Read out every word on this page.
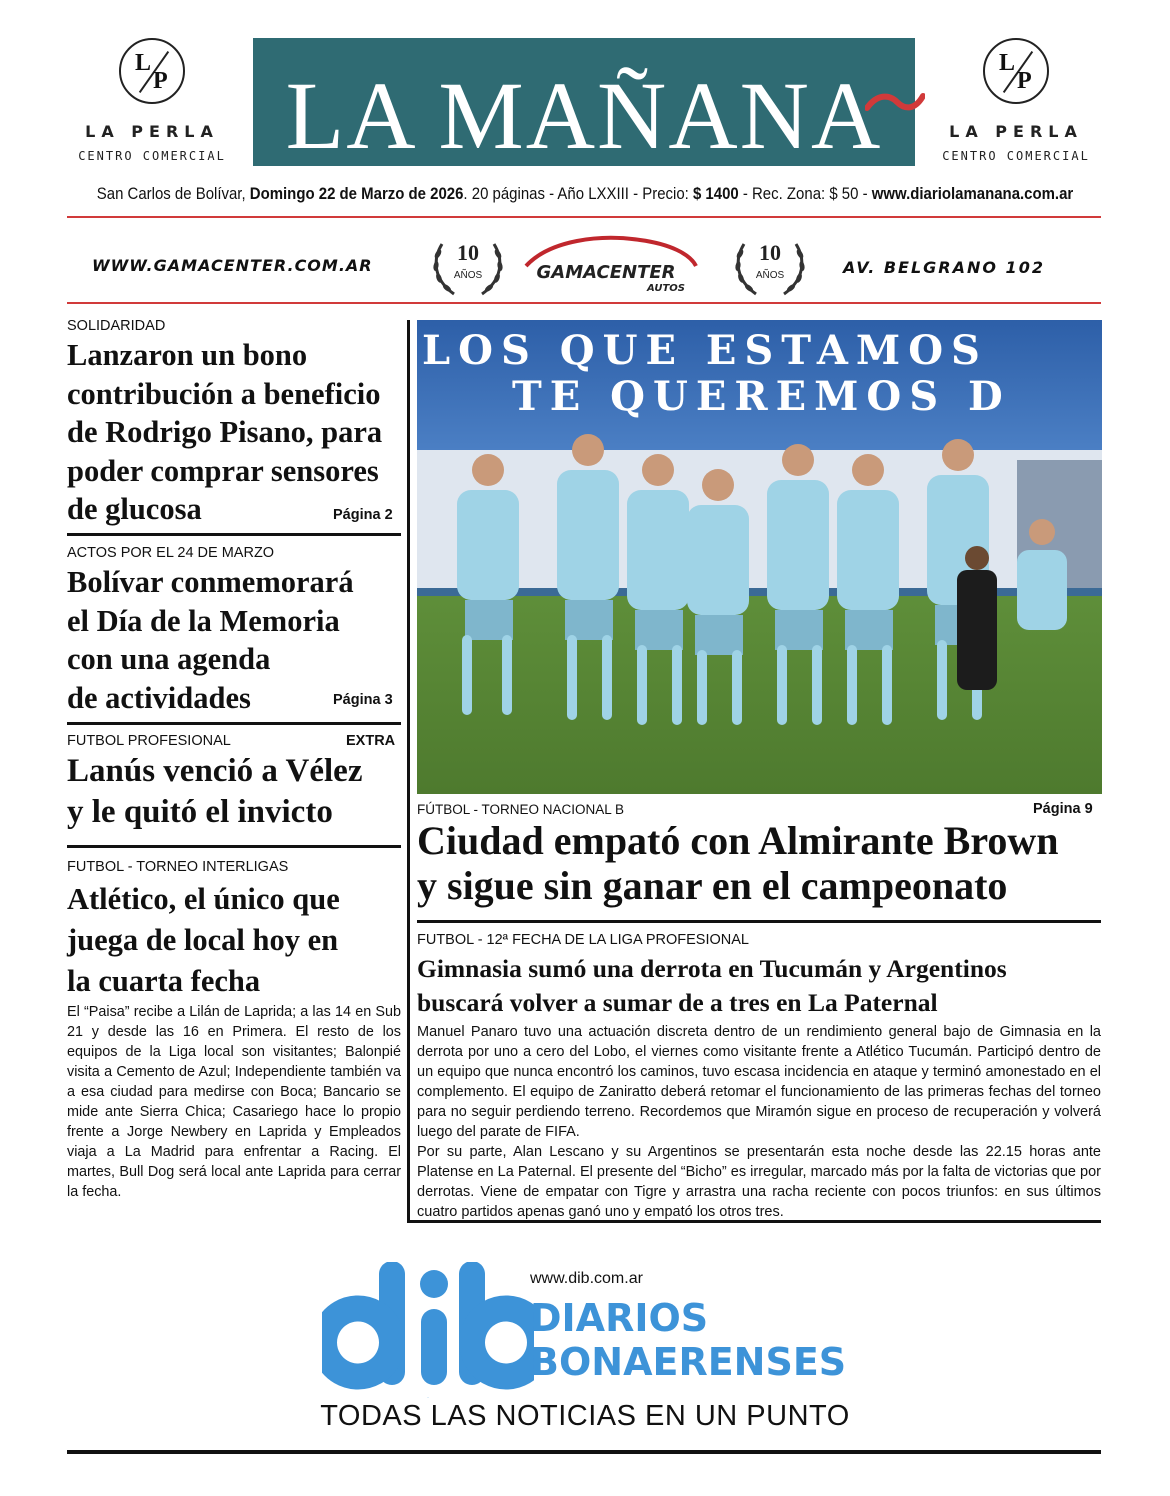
L
P
LA PERLA
CENTRO COMERCIAL LA MAÑANA	L
P
LA PERLA
CENTRO COMERCIAL
San Carlos de Bolívar, Domingo 22 de Marzo de 2026. 20 páginas - Año LXXIII - Precio: $ 1400 - Rec. Zona: $ 50 - www.diariolamanana.com.ar
WWW.GAMACENTER.COM.AR
10
AÑOS	GAMACENTER
AUTOS
10
AÑOS	AV. BELGRANO 102
SOLIDARIDAD
Lanzaron un bono
contribución a beneficio
de Rodrigo Pisano, para
poder comprar sensores
de glucosa	Página 2
ACTOS POR EL 24 DE MARZO
Bolívar conmemorará
el Día de la Memoria
con una agenda
de actividades	Página 3
FUTBOL PROFESIONAL	EXTRA
Lanús venció a Vélez
y le quitó el invicto
FUTBOL - TORNEO INTERLIGAS
Atlético, el único que
juega de local hoy en
la cuarta fecha
El “Paisa” recibe a Lilán de Laprida; a las 14 en Sub 21 y desde las 16 en Primera. El resto de los equipos de la Liga local son visitantes; Balonpié visita a Cemento de Azul; Independiente también va a esa ciudad para medirse con Boca; Bancario se mide ante Sierra Chica; Casariego hace lo propio frente a Jorge Newbery en Laprida y Empleados viaja a La Madrid para enfrentar a Racing. El martes, Bull Dog será local ante Laprida para cerrar la fecha.
LOS QUE ESTAMOS
TE QUEREMOS D
FÚTBOL - TORNEO NACIONAL B	Página 9
Ciudad empató con Almirante Brown
y sigue sin ganar en el campeonato
FUTBOL - 12ª FECHA DE LA LIGA PROFESIONAL
Gimnasia sumó una derrota en Tucumán y Argentinos
buscará volver a sumar de a tres en La Paternal
Manuel Panaro tuvo una actuación discreta dentro de un rendimiento general bajo de Gimnasia en la derrota por uno a cero del Lobo, el viernes como visitante frente a Atlético Tucumán. Participó dentro de un equipo que nunca encontró los caminos, tuvo escasa incidencia en ataque y terminó amonestado en el complemento. El equipo de Zaniratto deberá retomar el funcionamiento de las primeras fechas del torneo para no seguir perdiendo terreno. Recordemos que Miramón sigue en proceso de recuperación y volverá luego del parate de FIFA.
Por su parte, Alan Lescano y su Argentinos se presentarán esta noche desde las 22.15 horas ante Platense en La Paternal. El presente del “Bicho” es irregular, marcado más por la falta de victorias que por derrotas. Viene de empatar con Tigre y arrastra una racha reciente con pocos triunfos: en sus últimos cuatro partidos apenas ganó uno y empató los otros tres.
dib
www.dib.com.ar
DIARIOS
BONAERENSES
TODAS LAS NOTICIAS EN UN PUNTO
